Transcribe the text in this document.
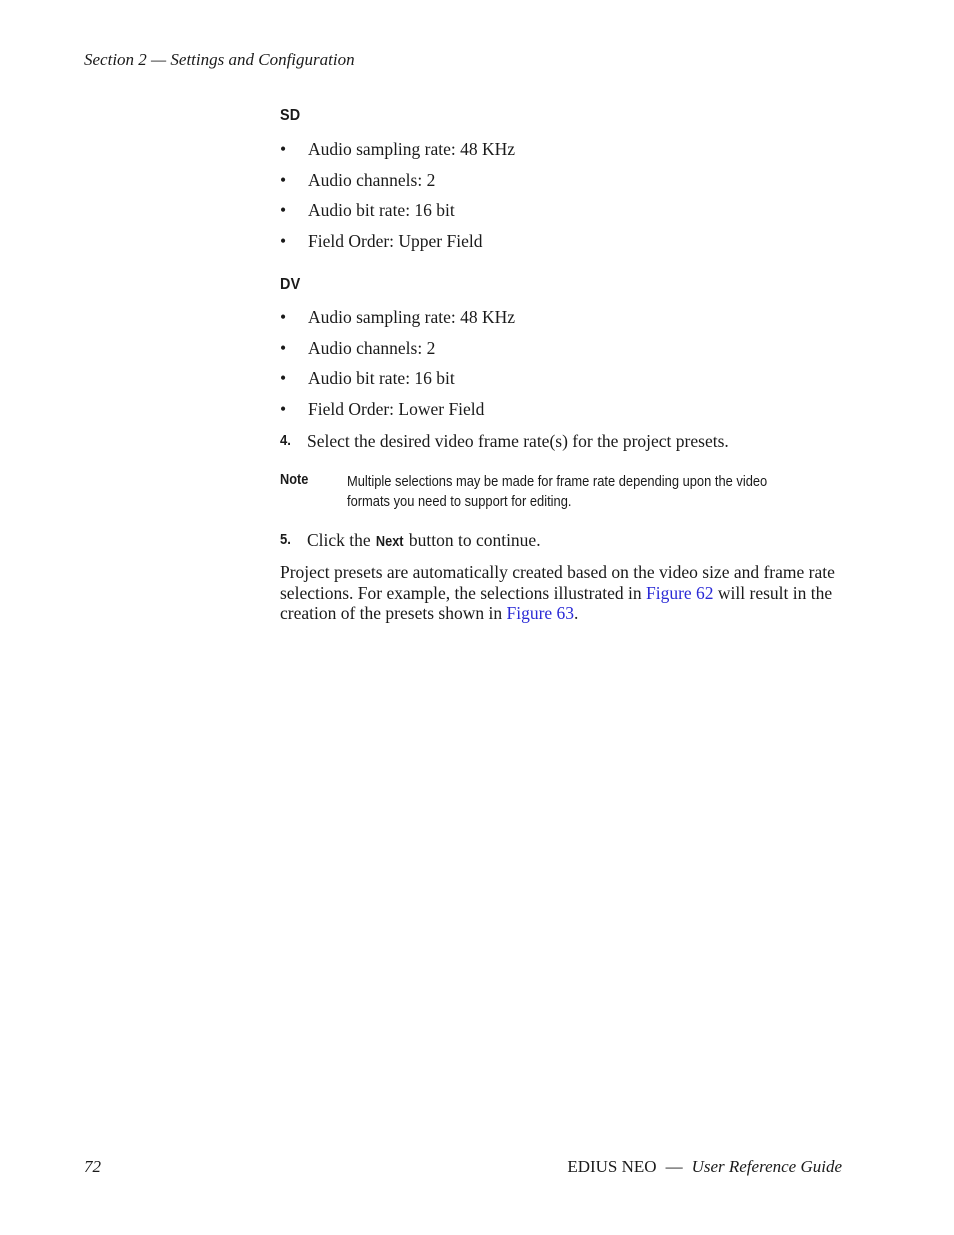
Section 2 — Settings and Configuration
SD
• Audio sampling rate: 48 KHz
• Audio channels: 2
• Audio bit rate: 16 bit
• Field Order: Upper Field
DV
• Audio sampling rate: 48 KHz
• Audio channels: 2
• Audio bit rate: 16 bit
• Field Order: Lower Field
4. Select the desired video frame rate(s) for the project presets.
Note	Multiple selections may be made for frame rate depending upon the video
formats you need to support for editing.
5. Click the Next button to continue.
Project presets are automatically created based on the video size and frame rate selections. For example, the selections illustrated in Figure 62 will result in the creation of the presets shown in Figure 63.
72	EDIUS NEO — User Reference Guide
